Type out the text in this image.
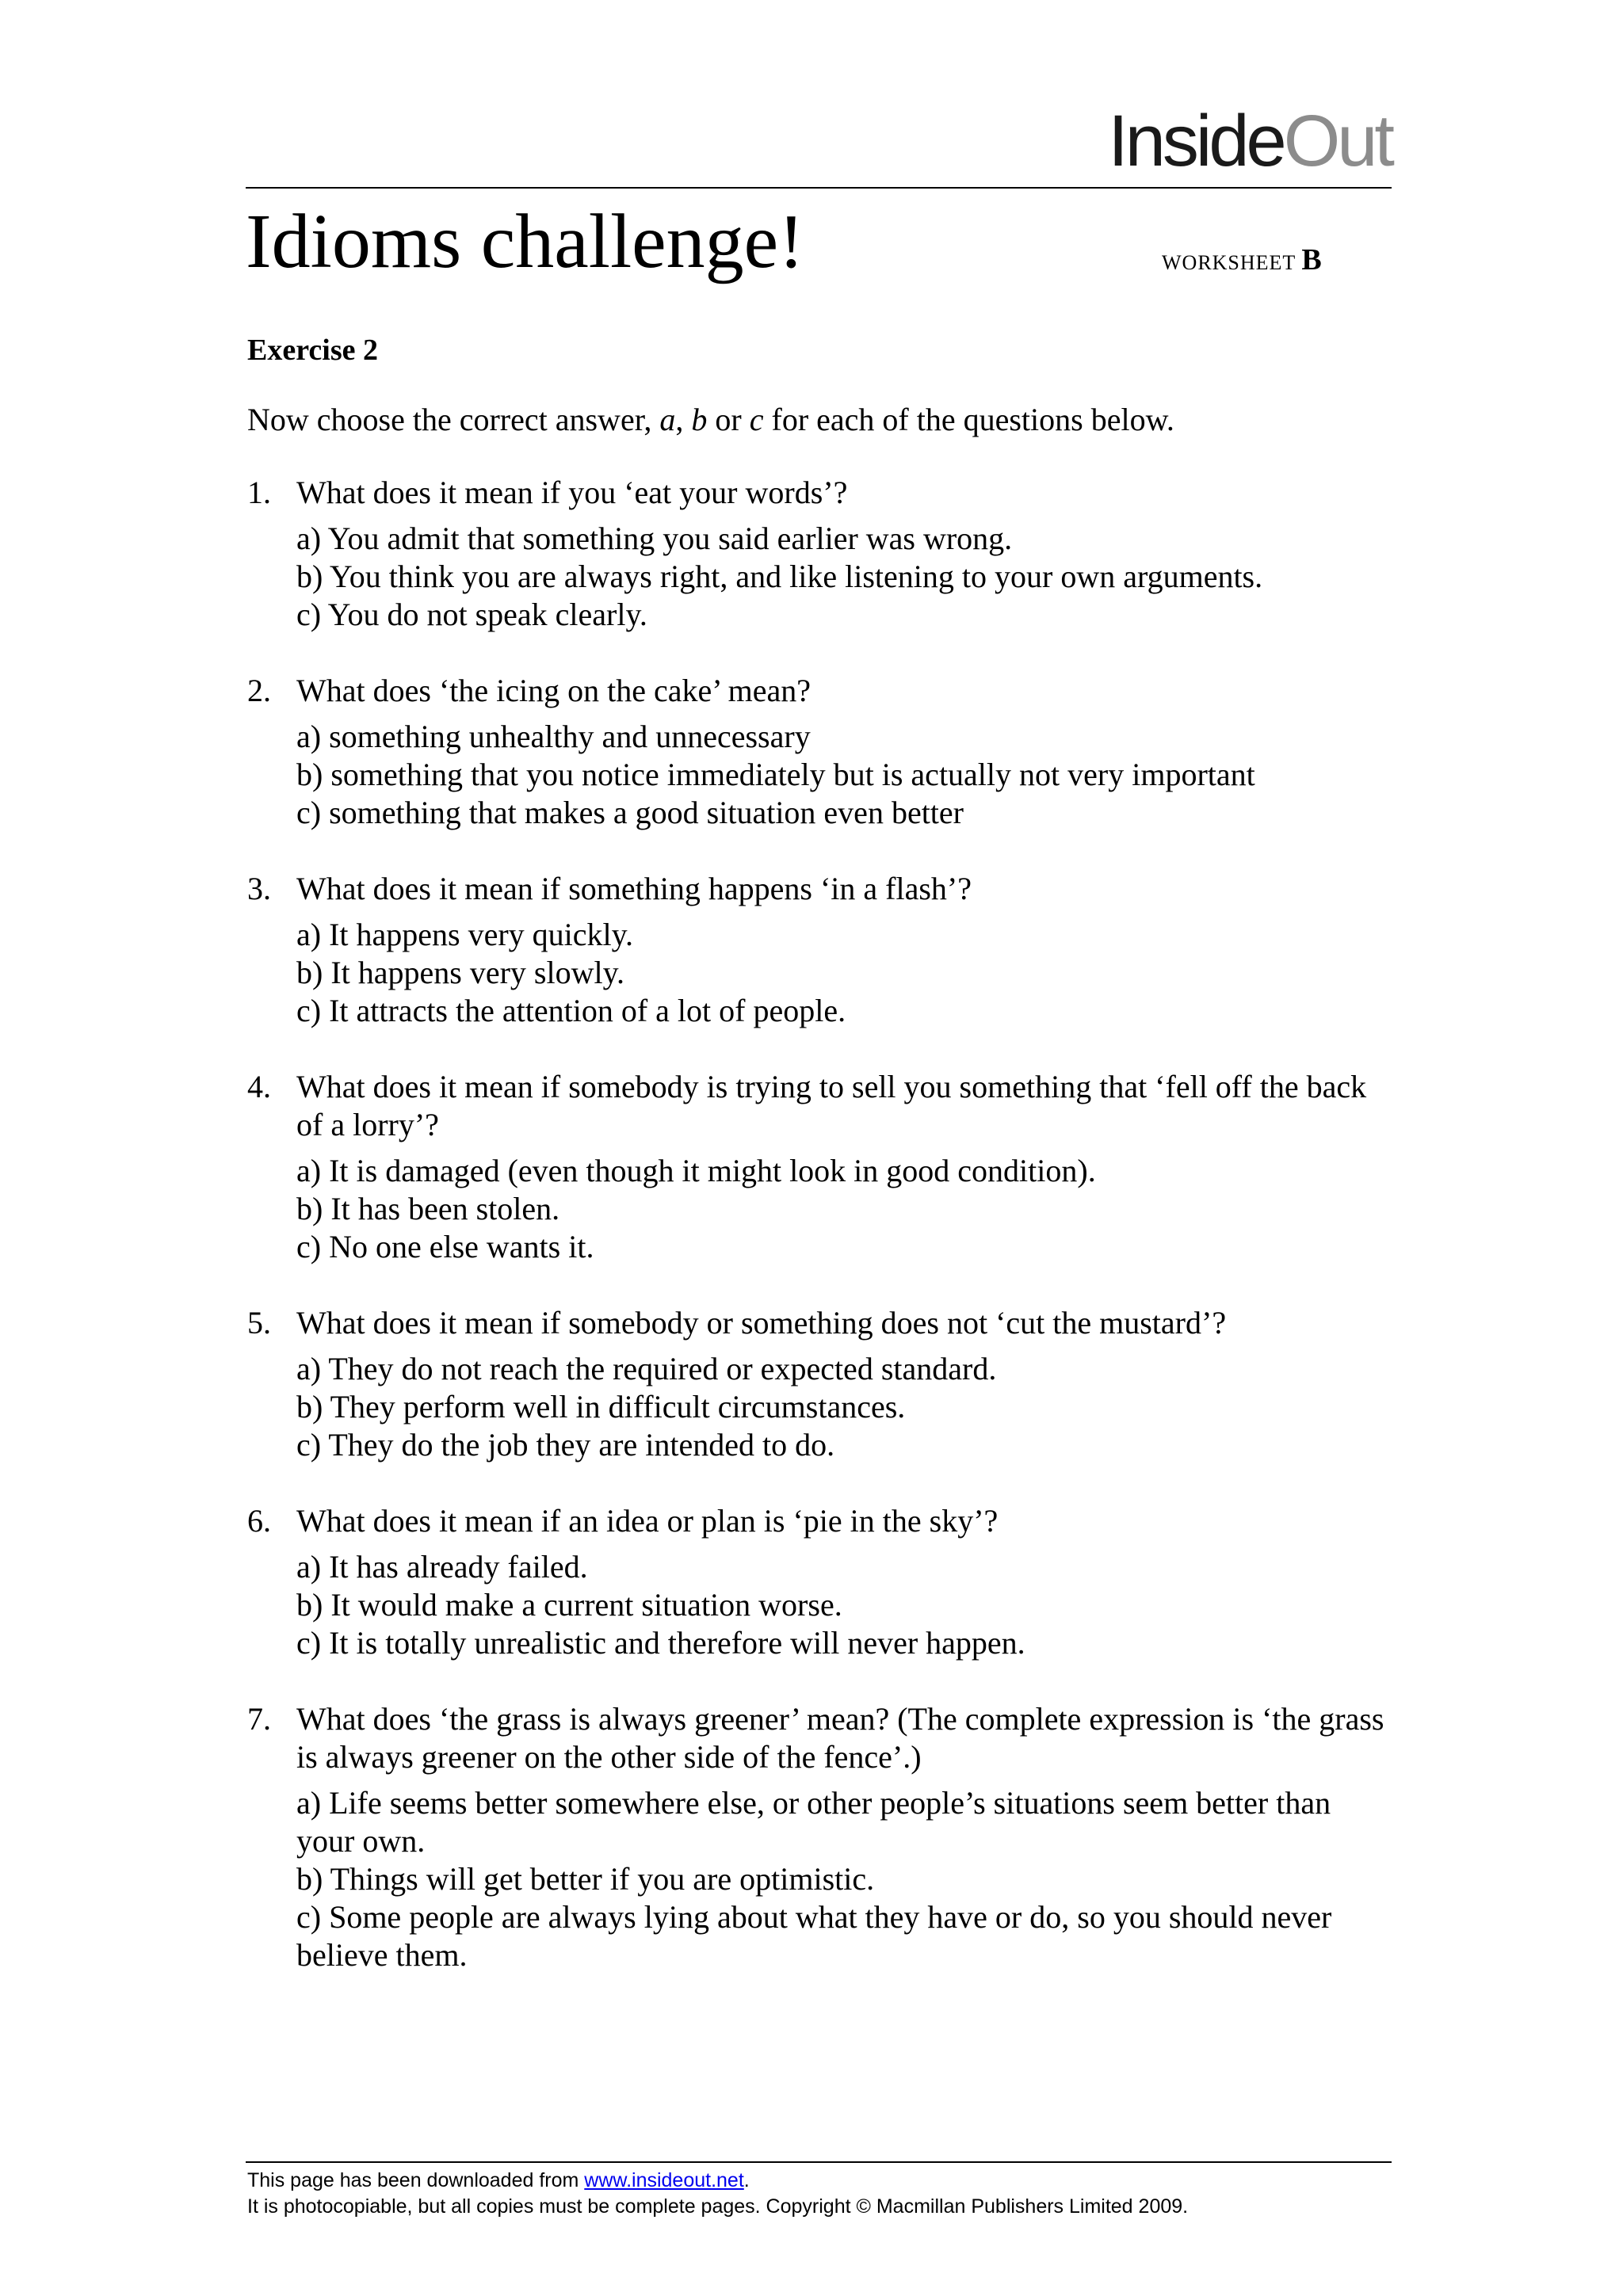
InsideOut
Idioms challenge!	WORKSHEET B
Exercise 2
Now choose the correct answer, a, b or c for each of the questions below.
1. What does it mean if you ‘eat your words’?
a) You admit that something you said earlier was wrong.
b) You think you are always right, and like listening to your own arguments.
c) You do not speak clearly.
2. What does ‘the icing on the cake’ mean?
a) something unhealthy and unnecessary
b) something that you notice immediately but is actually not very important
c) something that makes a good situation even better
3. What does it mean if something happens ‘in a flash’?
a) It happens very quickly.
b) It happens very slowly.
c) It attracts the attention of a lot of people.
4. What does it mean if somebody is trying to sell you something that ‘fell off the back of a lorry’?
a) It is damaged (even though it might look in good condition).
b) It has been stolen.
c) No one else wants it.
5. What does it mean if somebody or something does not ‘cut the mustard’?
a) They do not reach the required or expected standard.
b) They perform well in difficult circumstances.
c) They do the job they are intended to do.
6. What does it mean if an idea or plan is ‘pie in the sky’?
a) It has already failed.
b) It would make a current situation worse.
c) It is totally unrealistic and therefore will never happen.
7. What does ‘the grass is always greener’ mean? (The complete expression is ‘the grass is always greener on the other side of the fence’.)
a) Life seems better somewhere else, or other people’s situations seem better than your own.
b) Things will get better if you are optimistic.
c) Some people are always lying about what they have or do, so you should never believe them.
This page has been downloaded from www.insideout.net.
It is photocopiable, but all copies must be complete pages. Copyright © Macmillan Publishers Limited 2009.
